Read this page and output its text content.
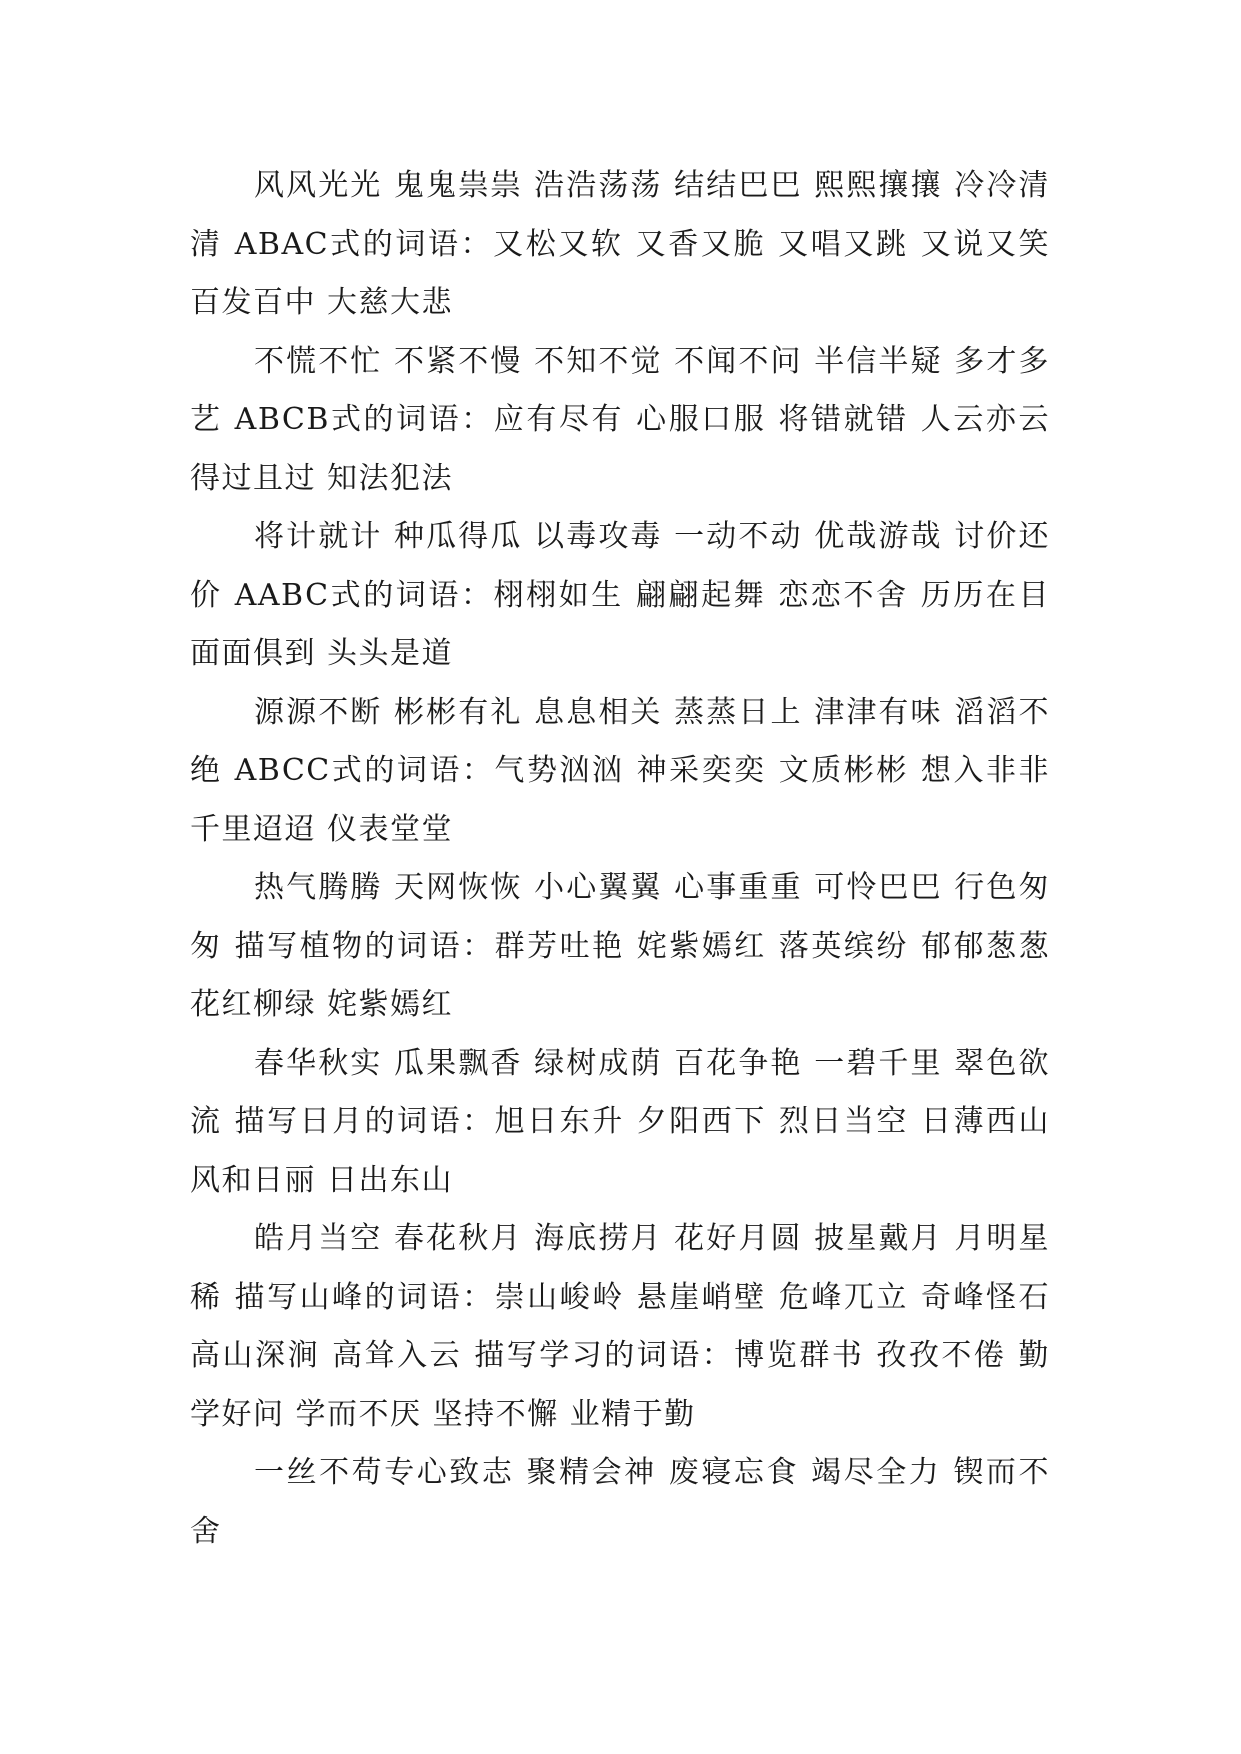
风风光光 鬼鬼祟祟 浩浩荡荡 结结巴巴 熙熙攘攘 冷冷清清 ABAC式的词语：又松又软 又香又脆 又唱又跳 又说又笑 百发百中 大慈大悲

不慌不忙 不紧不慢 不知不觉 不闻不问 半信半疑 多才多艺 ABCB式的词语：应有尽有 心服口服 将错就错 人云亦云 得过且过 知法犯法

将计就计 种瓜得瓜 以毒攻毒 一动不动 优哉游哉 讨价还价 AABC式的词语：栩栩如生 翩翩起舞 恋恋不舍 历历在目 面面俱到 头头是道

源源不断 彬彬有礼 息息相关 蒸蒸日上 津津有味 滔滔不绝 ABCC式的词语：气势汹汹 神采奕奕 文质彬彬 想入非非 千里迢迢 仪表堂堂

热气腾腾 天网恢恢 小心翼翼 心事重重 可怜巴巴 行色匆匆 描写植物的词语：群芳吐艳 姹紫嫣红 落英缤纷 郁郁葱葱 花红柳绿 姹紫嫣红

春华秋实 瓜果飘香 绿树成荫 百花争艳 一碧千里 翠色欲流 描写日月的词语：旭日东升 夕阳西下 烈日当空 日薄西山 风和日丽 日出东山

皓月当空 春花秋月 海底捞月 花好月圆 披星戴月 月明星稀 描写山峰的词语：崇山峻岭 悬崖峭壁 危峰兀立 奇峰怪石 高山深涧 高耸入云 描写学习的词语：博览群书 孜孜不倦 勤学好问 学而不厌 坚持不懈 业精于勤

一丝不苟专心致志 聚精会神 废寝忘食 竭尽全力 锲而不舍
